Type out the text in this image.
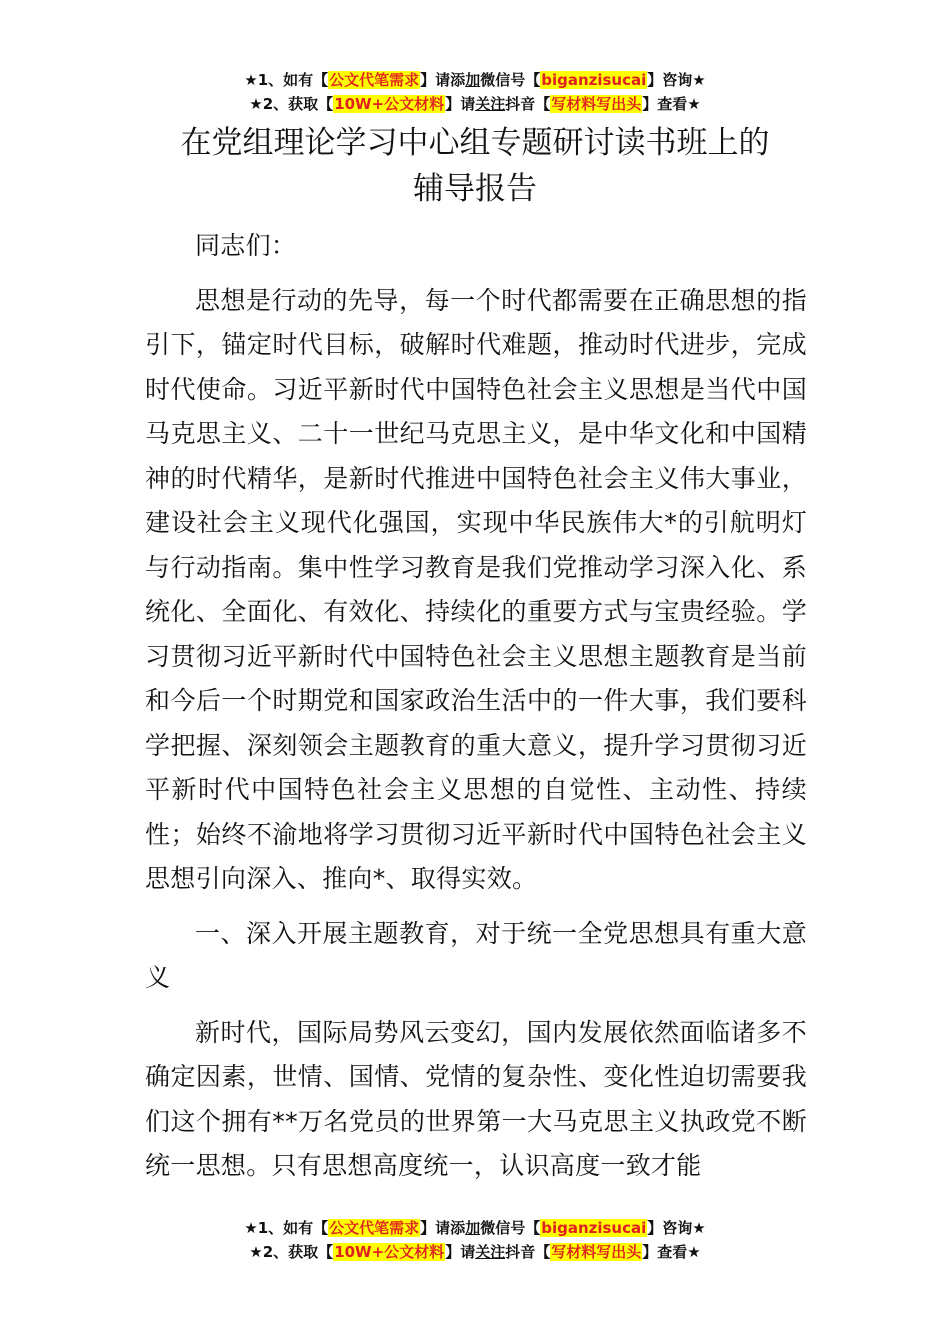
★1、如有【公文代笔需求】请添加微信号【biganzisucai】咨询★
★2、获取【10W+公文材料】请关注抖音【写材料写出头】查看★
在党组理论学习中心组专题研讨读书班上的
辅导报告

同志们：

思想是行动的先导，每一个时代都需要在正确思想的指引下，锚定时代目标，破解时代难题，推动时代进步，完成时代使命。习近平新时代中国特色社会主义思想是当代中国马克思主义、二十一世纪马克思主义，是中华文化和中国精神的时代精华，是新时代推进中国特色社会主义伟大事业，建设社会主义现代化强国，实现中华民族伟大*的引航明灯与行动指南。集中性学习教育是我们党推动学习深入化、系统化、全面化、有效化、持续化的重要方式与宝贵经验。学习贯彻习近平新时代中国特色社会主义思想主题教育是当前和今后一个时期党和国家政治生活中的一件大事，我们要科学把握、深刻领会主题教育的重大意义，提升学习贯彻习近平新时代中国特色社会主义思想的自觉性、主动性、持续性；始终不渝地将学习贯彻习近平新时代中国特色社会主义思想引向深入、推向*、取得实效。

一、深入开展主题教育，对于统一全党思想具有重大意义

新时代，国际局势风云变幻，国内发展依然面临诸多不确定因素，世情、国情、党情的复杂性、变化性迫切需要我们这个拥有**万名党员的世界第一大马克思主义执政党不断统一思想。只有思想高度统一，认识高度一致才能

★1、如有【公文代笔需求】请添加微信号【biganzisucai】咨询★
★2、获取【10W+公文材料】请关注抖音【写材料写出头】查看★
